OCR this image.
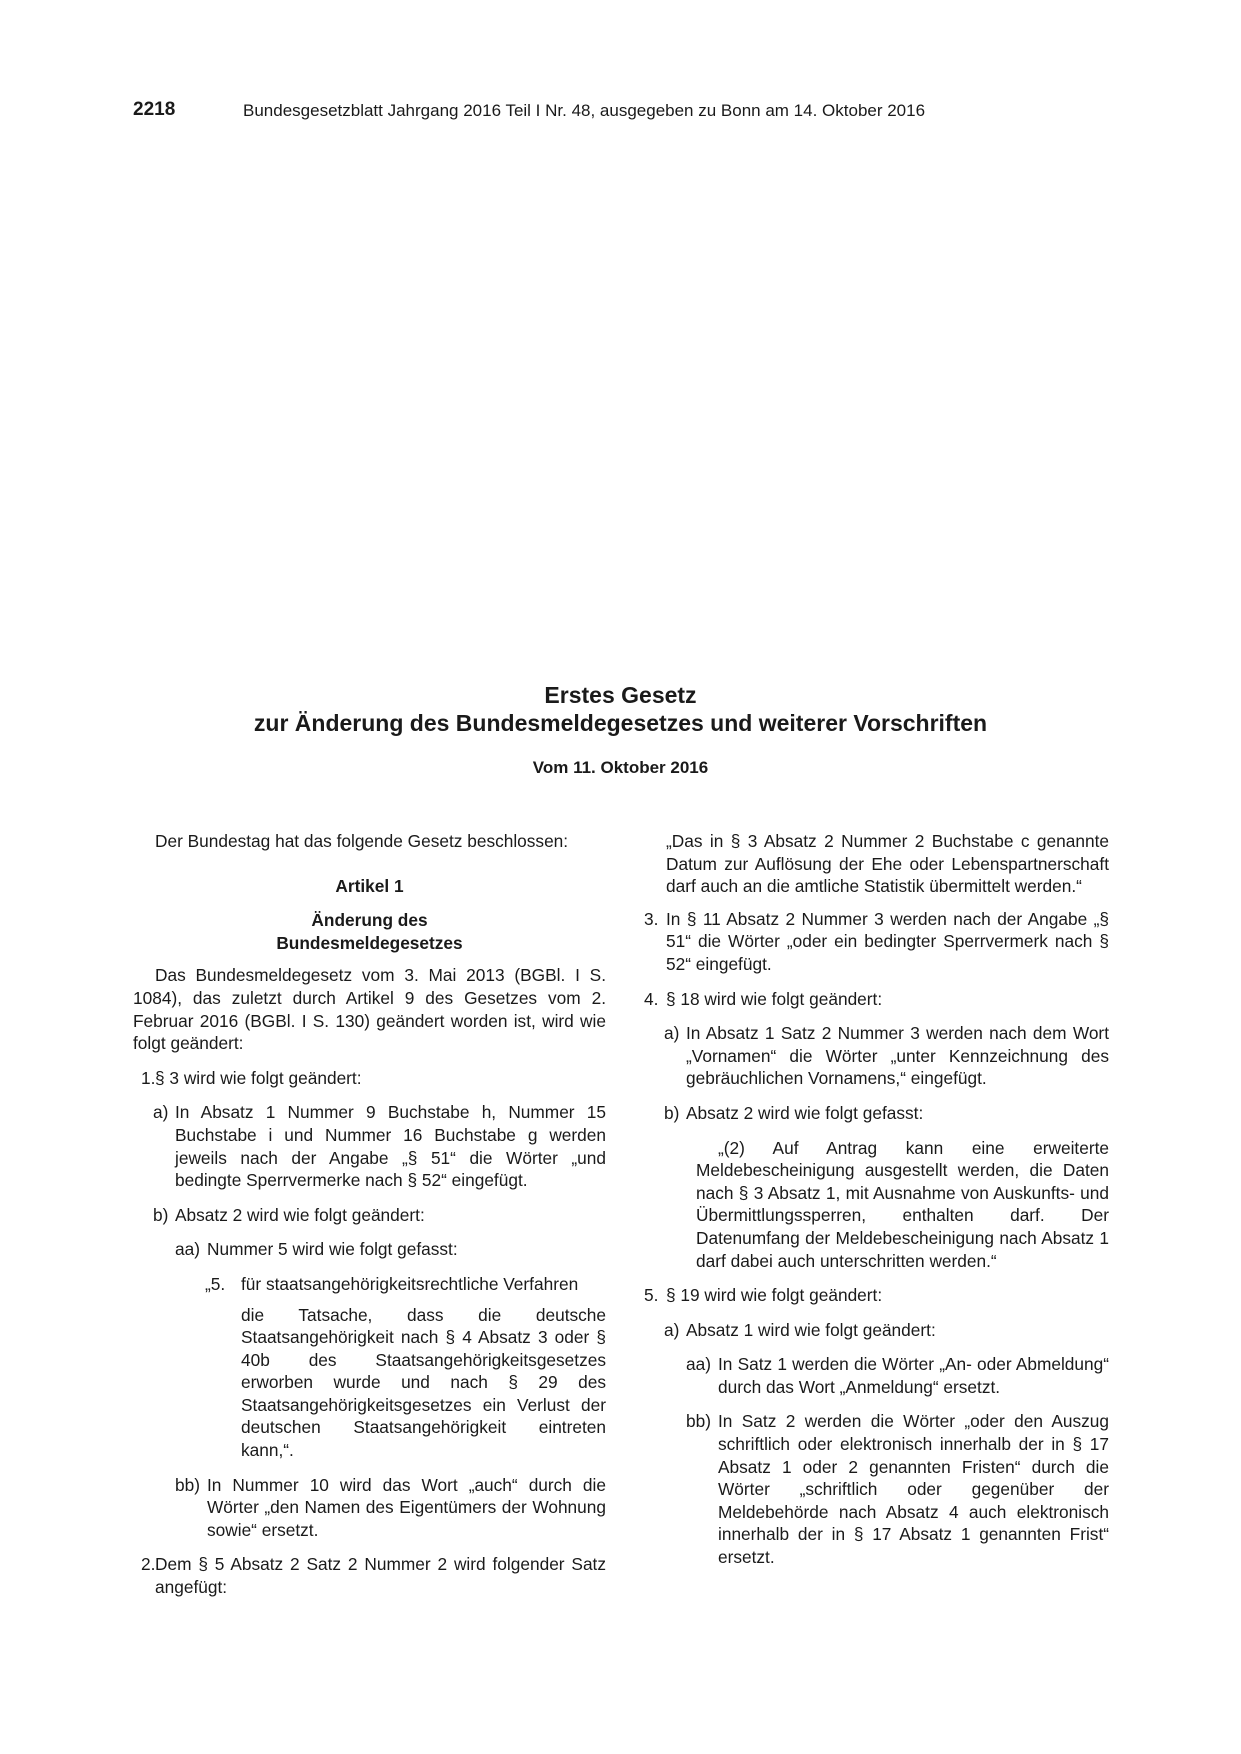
2218	Bundesgesetzblatt Jahrgang 2016 Teil I Nr. 48, ausgegeben zu Bonn am 14. Oktober 2016
Erstes Gesetz
zur Änderung des Bundesmeldegesetzes und weiterer Vorschriften
Vom 11. Oktober 2016

Der Bundestag hat das folgende Gesetz beschlossen:

Artikel 1

Änderung des

Bundesmeldegesetzes

Das Bundesmeldegesetz vom 3. Mai 2013 (BGBl. I S. 1084), das zuletzt durch Artikel 9 des Gesetzes vom 2. Februar 2016 (BGBl. I S. 130) geändert worden ist, wird wie folgt geändert:

1. § 3 wird wie folgt geändert:

a) In Absatz 1 Nummer 9 Buchstabe h, Nummer 15 Buchstabe i und Nummer 16 Buchstabe g werden jeweils nach der Angabe „§ 51“ die Wörter „und bedingte Sperrvermerke nach § 52“ eingefügt.

b) Absatz 2 wird wie folgt geändert:

aa) Nummer 5 wird wie folgt gefasst:

„5. für staatsangehörigkeitsrechtliche Verfahren

die Tatsache, dass die deutsche Staatsangehörigkeit nach § 4 Absatz 3 oder § 40b des Staatsangehörigkeitsgesetzes erworben wurde und nach § 29 des Staatsangehörigkeitsgesetzes ein Verlust der deutschen Staatsangehörigkeit eintreten kann,“.

bb) In Nummer 10 wird das Wort „auch“ durch die Wörter „den Namen des Eigentümers der Wohnung sowie“ ersetzt.

2. Dem § 5 Absatz 2 Satz 2 Nummer 2 wird folgender Satz angefügt:

„Das in § 3 Absatz 2 Nummer 2 Buchstabe c genannte Datum zur Auflösung der Ehe oder Lebenspartnerschaft darf auch an die amtliche Statistik übermittelt werden.“

3. In § 11 Absatz 2 Nummer 3 werden nach der Angabe „§ 51“ die Wörter „oder ein bedingter Sperrvermerk nach § 52“ eingefügt.

4. § 18 wird wie folgt geändert:

a) In Absatz 1 Satz 2 Nummer 3 werden nach dem Wort „Vornamen“ die Wörter „unter Kennzeichnung des gebräuchlichen Vornamens,“ eingefügt.

b) Absatz 2 wird wie folgt gefasst:

„(2) Auf Antrag kann eine erweiterte Meldebescheinigung ausgestellt werden, die Daten nach § 3 Absatz 1, mit Ausnahme von Auskunfts- und Übermittlungssperren, enthalten darf. Der Datenumfang der Meldebescheinigung nach Absatz 1 darf dabei auch unterschritten werden.“

5. § 19 wird wie folgt geändert:

a) Absatz 1 wird wie folgt geändert:

aa) In Satz 1 werden die Wörter „An- oder Abmeldung“ durch das Wort „Anmeldung“ ersetzt.

bb) In Satz 2 werden die Wörter „oder den Auszug schriftlich oder elektronisch innerhalb der in § 17 Absatz 1 oder 2 genannten Fristen“ durch die Wörter „schriftlich oder gegenüber der Meldebehörde nach Absatz 4 auch elektronisch innerhalb der in § 17 Absatz 1 genannten Frist“ ersetzt.
